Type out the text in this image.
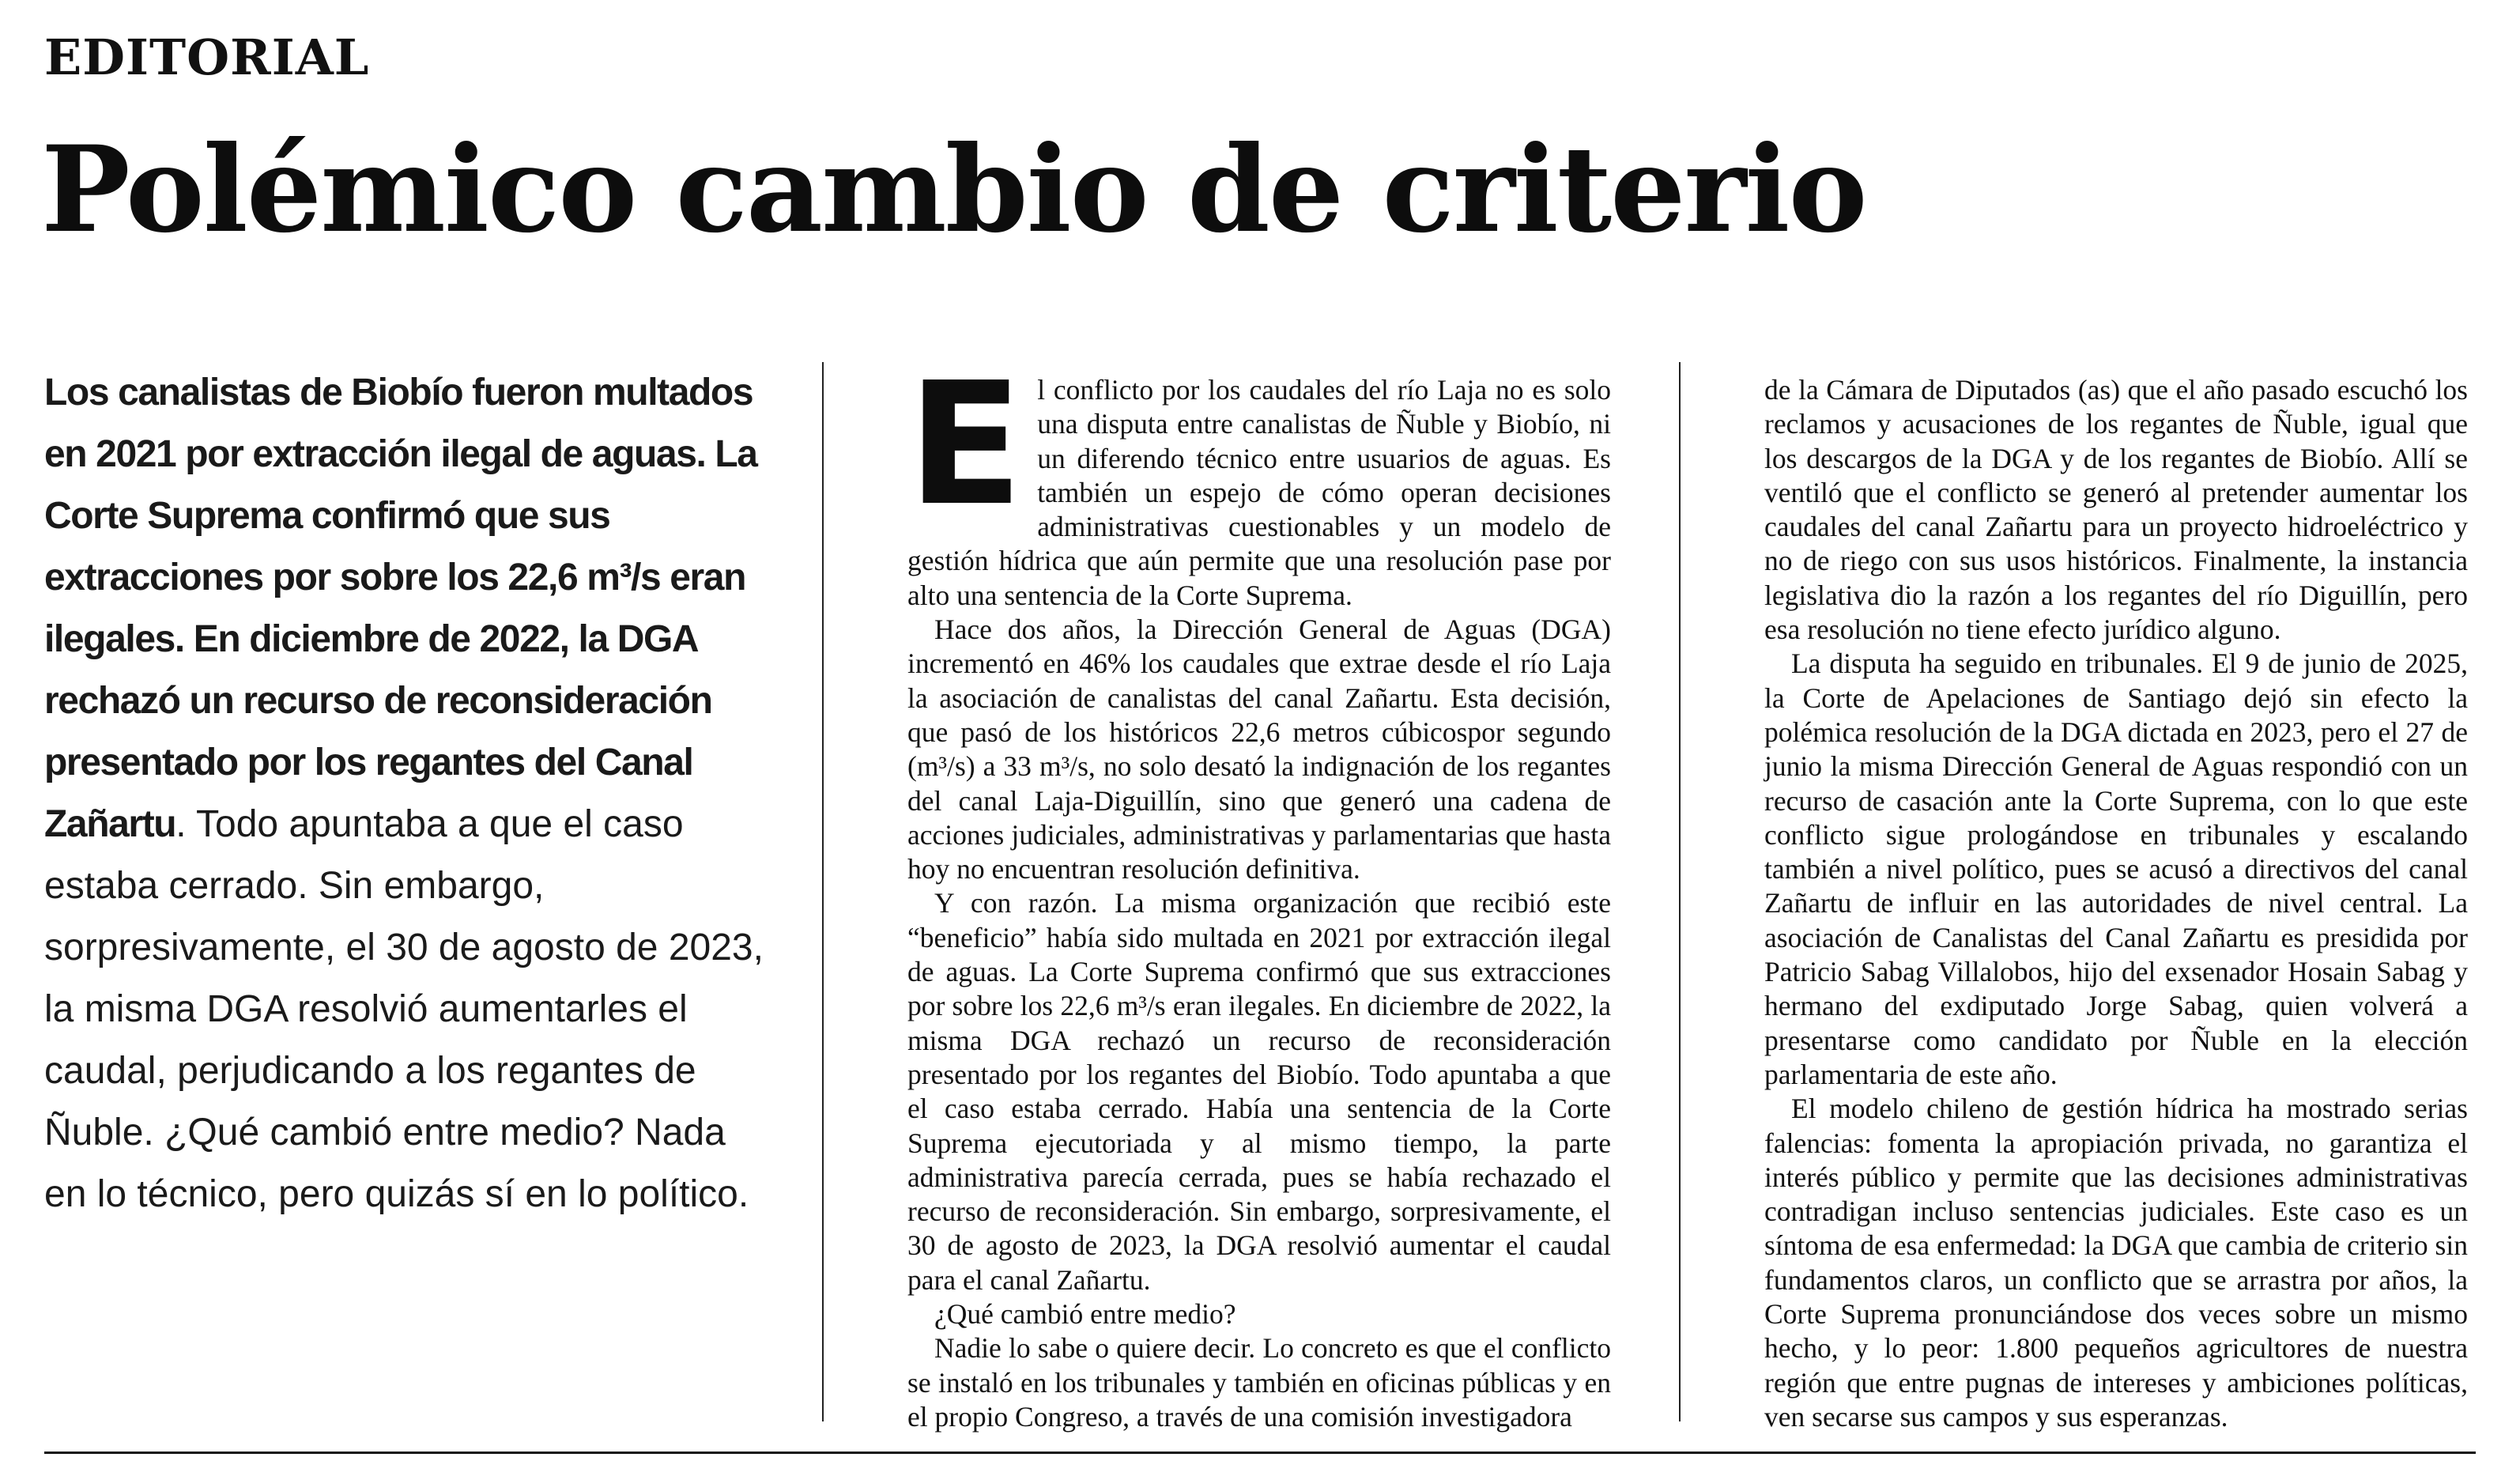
EDITORIAL
Polémico cambio de criterio

Los canalistas de Biobío fueron multados en 2021 por extracción ilegal de aguas. La Corte Suprema confirmó que sus extracciones por sobre los 22,6 m³/s eran ilegales. En diciembre de 2022, la DGA rechazó un recurso de reconsideración presentado por los regantes del Canal Zañartu. Todo apuntaba a que el caso estaba cerrado. Sin embargo, sorpresivamente, el 30 de agosto de 2023, la misma DGA resolvió aumentarles el caudal, perjudicando a los regantes de Ñuble. ¿Qué cambió entre medio? Nada en lo técnico, pero quizás sí en lo político.

E l conflicto por los caudales del río Laja no es solo una disputa entre canalistas de Ñuble y Biobío, ni un diferendo técnico entre usuarios de aguas. Es también un espejo de cómo operan decisiones administrativas cuestionables y un modelo de gestión hídrica que aún permite que una resolución pase por alto una sentencia de la Corte Suprema.

Hace dos años, la Dirección General de Aguas (DGA) incrementó en 46% los caudales que extrae desde el río Laja la asociación de canalistas del canal Zañartu. Esta decisión, que pasó de los históricos 22,6 metros cúbicospor segundo (m³/s) a 33 m³/s, no solo desató la indignación de los regantes del canal Laja-Diguillín, sino que generó una cadena de acciones judiciales, administrativas y parlamentarias que hasta hoy no encuentran resolución definitiva.

Y con razón. La misma organización que recibió este “beneficio” había sido multada en 2021 por extracción ilegal de aguas. La Corte Suprema confirmó que sus extracciones por sobre los 22,6 m³/s eran ilegales. En diciembre de 2022, la misma DGA rechazó un recurso de reconsideración presentado por los regantes del Biobío. Todo apuntaba a que el caso estaba cerrado. Había una sentencia de la Corte Suprema ejecutoriada y al mismo tiempo, la parte administrativa parecía cerrada, pues se había rechazado el recurso de reconsideración. Sin embargo, sorpresivamente, el 30 de agosto de 2023, la DGA resolvió aumentar el caudal para el canal Zañartu.

¿Qué cambió entre medio?

Nadie lo sabe o quiere decir. Lo concreto es que el conflicto se instaló en los tribunales y también en oficinas públicas y en el propio Congreso, a través de una comisión investigadora

de la Cámara de Diputados (as) que el año pasado escuchó los reclamos y acusaciones de los regantes de Ñuble, igual que los descargos de la DGA y de los regantes de Biobío. Allí se ventiló que el conflicto se generó al pretender aumentar los caudales del canal Zañartu para un proyecto hidroeléctrico y no de riego con sus usos históricos. Finalmente, la instancia legislativa dio la razón a los regantes del río Diguillín, pero esa resolución no tiene efecto jurídico alguno.

La disputa ha seguido en tribunales. El 9 de junio de 2025, la Corte de Apelaciones de Santiago dejó sin efecto la polémica resolución de la DGA dictada en 2023, pero el 27 de junio la misma Dirección General de Aguas respondió con un recurso de casación ante la Corte Suprema, con lo que este conflicto sigue prologándose en tribunales y escalando también a nivel político, pues se acusó a directivos del canal Zañartu de influir en las autoridades de nivel central. La asociación de Canalistas del Canal Zañartu es presidida por Patricio Sabag Villalobos, hijo del exsenador Hosain Sabag y hermano del exdiputado Jorge Sabag, quien volverá a presentarse como candidato por Ñuble en la elección parlamentaria de este año.

El modelo chileno de gestión hídrica ha mostrado serias falencias: fomenta la apropiación privada, no garantiza el interés público y permite que las decisiones administrativas contradigan incluso sentencias judiciales. Este caso es un síntoma de esa enfermedad: la DGA que cambia de criterio sin fundamentos claros, un conflicto que se arrastra por años, la Corte Suprema pronunciándose dos veces sobre un mismo hecho, y lo peor: 1.800 pequeños agricultores de nuestra región que entre pugnas de intereses y ambiciones políticas, ven secarse sus campos y sus esperanzas.
